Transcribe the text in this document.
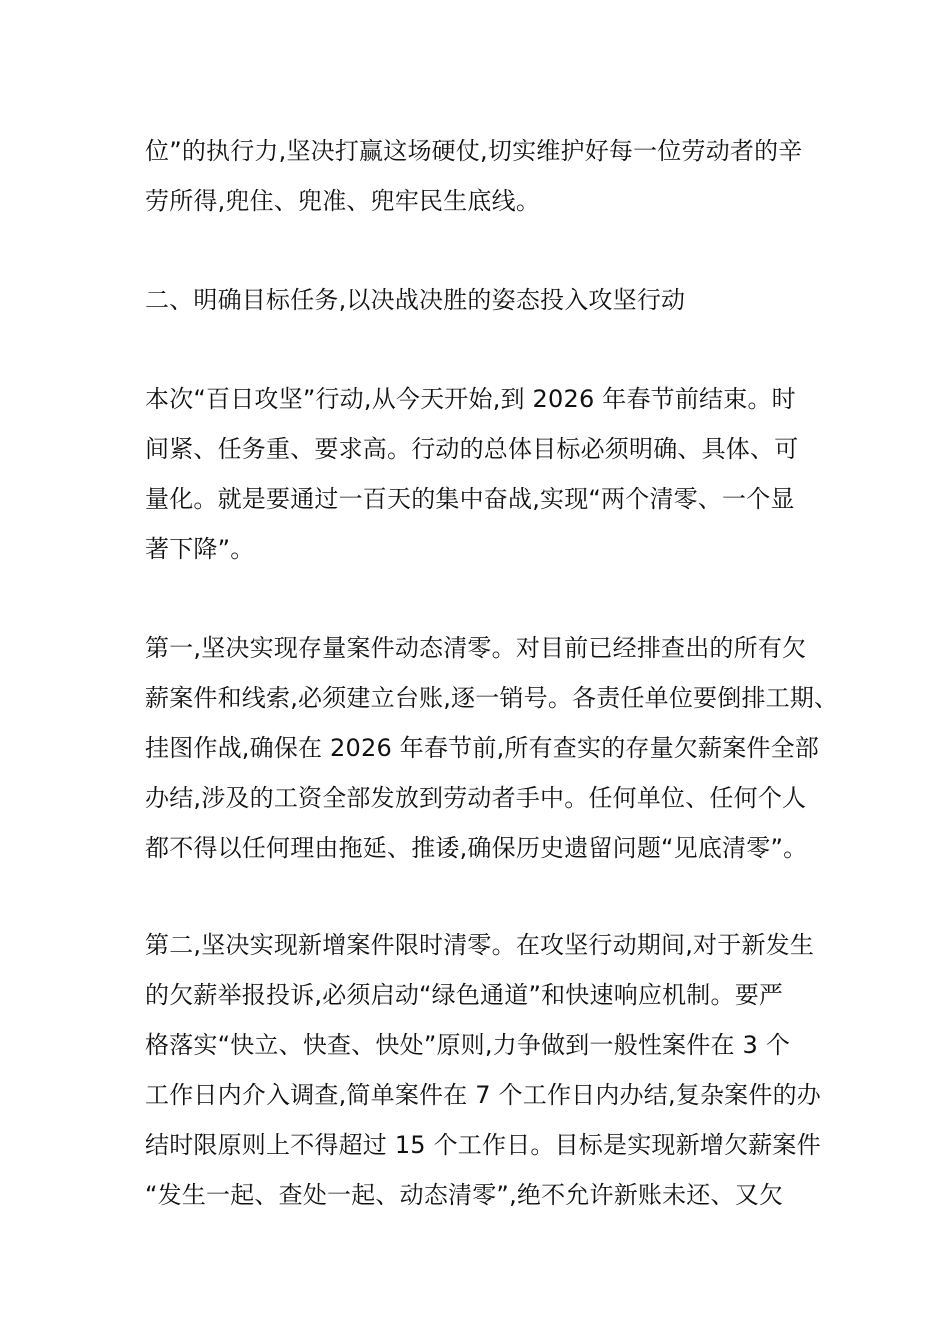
位”的执行力,坚决打赢这场硬仗,切实维护好每一位劳动者的辛
劳所得,兜住、兜准、兜牢民生底线。
二、明确目标任务,以决战决胜的姿态投入攻坚行动
本次“百日攻坚”行动,从今天开始,到 2026 年春节前结束。时
间紧、任务重、要求高。行动的总体目标必须明确、具体、可
量化。就是要通过一百天的集中奋战,实现“两个清零、一个显
著下降”。
第一,坚决实现存量案件动态清零。对目前已经排查出的所有欠
薪案件和线索,必须建立台账,逐一销号。各责任单位要倒排工期、
挂图作战,确保在 2026 年春节前,所有查实的存量欠薪案件全部
办结,涉及的工资全部发放到劳动者手中。任何单位、任何个人
都不得以任何理由拖延、推诿,确保历史遗留问题“见底清零”。
第二,坚决实现新增案件限时清零。在攻坚行动期间,对于新发生
的欠薪举报投诉,必须启动“绿色通道”和快速响应机制。要严
格落实“快立、快查、快处”原则,力争做到一般性案件在 3 个
工作日内介入调查,简单案件在 7 个工作日内办结,复杂案件的办
结时限原则上不得超过 15 个工作日。目标是实现新增欠薪案件
“发生一起、查处一起、动态清零”,绝不允许新账未还、又欠
